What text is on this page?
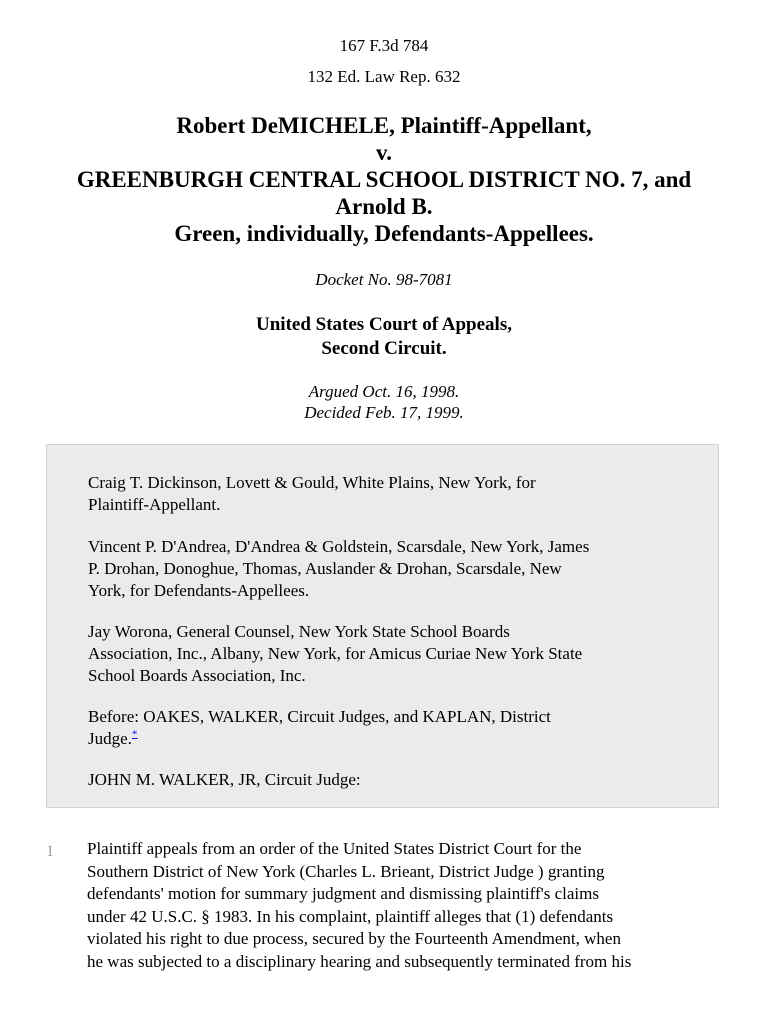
167 F.3d 784
132 Ed. Law Rep. 632
Robert DeMICHELE, Plaintiff-Appellant,
v.
GREENBURGH CENTRAL SCHOOL DISTRICT NO. 7, and
Arnold B.
Green, individually, Defendants-Appellees.
Docket No. 98-7081
United States Court of Appeals,
Second Circuit.
Argued Oct. 16, 1998.
Decided Feb. 17, 1999.

Craig T. Dickinson, Lovett & Gould, White Plains, New York, for
Plaintiff-Appellant.

Vincent P. D'Andrea, D'Andrea & Goldstein, Scarsdale, New York, James
P. Drohan, Donoghue, Thomas, Auslander & Drohan, Scarsdale, New
York, for Defendants-Appellees.

Jay Worona, General Counsel, New York State School Boards
Association, Inc., Albany, New York, for Amicus Curiae New York State
School Boards Association, Inc.

Before: OAKES, WALKER, Circuit Judges, and KAPLAN, District
Judge.*

JOHN M. WALKER, JR, Circuit Judge:

1 Plaintiff appeals from an order of the United States District Court for the
Southern District of New York (Charles L. Brieant, District Judge ) granting
defendants' motion for summary judgment and dismissing plaintiff's claims
under 42 U.S.C. § 1983. In his complaint, plaintiff alleges that (1) defendants
violated his right to due process, secured by the Fourteenth Amendment, when
he was subjected to a disciplinary hearing and subsequently terminated from his
